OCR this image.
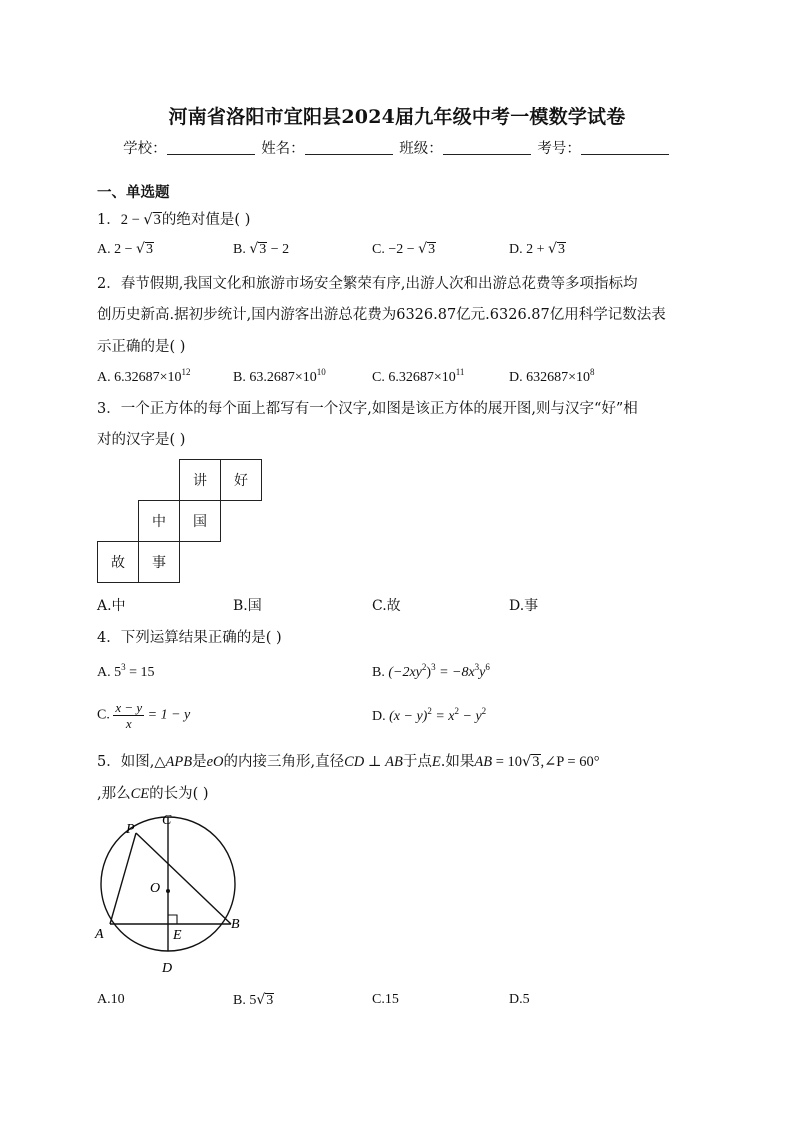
河南省洛阳市宜阳县2024届九年级中考一模数学试卷
学校：	姓名：	班级：	考号：
一、单选题
1．2 − √3的绝对值是( )
A. 2 − √3	B. √3 − 2	C. −2 − √3	D. 2 + √3
2．春节假期,我国文化和旅游市场安全繁荣有序,出游人次和出游总花费等多项指标均
创历史新高.据初步统计,国内游客出游总花费为6326.87亿元.6326.87亿用科学记数法表
示正确的是( )
A. $6.32687\times 10^{12}$	B. $63.2687\times 10^{10}$	C. $6.32687\times 10^{11}$	D. $632687\times 10^8$
3．一个正方体的每个面上都写有一个汉字,如图是该正方体的展开图,则与汉字“好”相
对的汉字是( )
讲	好
中	国
故	事
A.中	B.国	C.故	D.事
4．下列运算结果正确的是( )
A. $5^3 = 15$	B. $(-2xy^2)^3 = -8x^3y^6$
C. $\frac{x - y}{x} = 1 - y$	D. $(x - y)^2 = x^2 - y^2$
5．如图,△APB是eO的内接三角形,直径CD ⊥ AB于点E.如果AB = 10√3,∠P = 60°
,那么CE的长为( )
P
C
O
A	E
B
D
A.10	B. 5√3	C.15	D.5
